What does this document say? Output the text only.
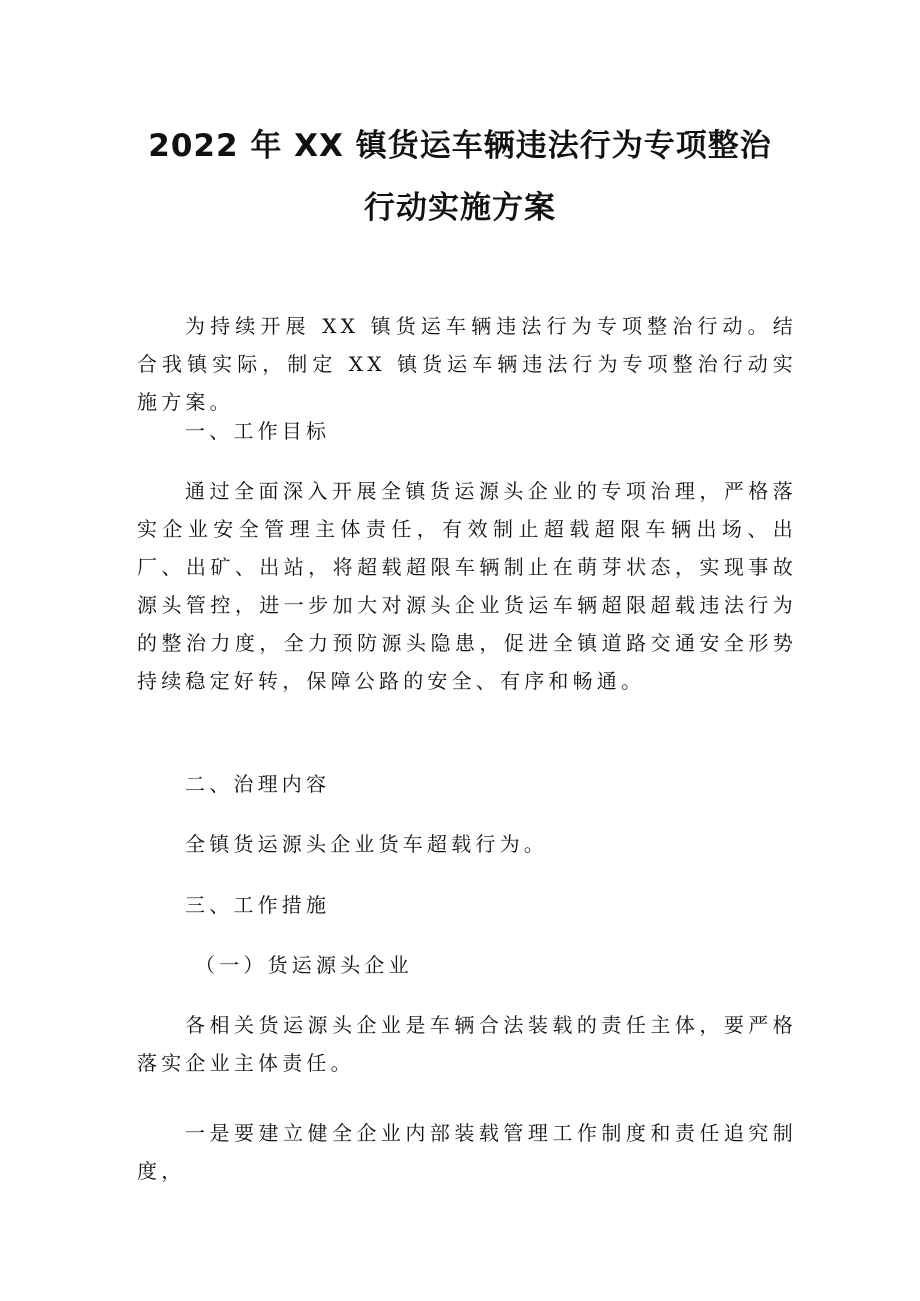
2022 年 XX 镇货运车辆违法行为专项整治
行动实施方案

为持续开展 XX 镇货运车辆违法行为专项整治行动。结合我镇实际，制定 XX 镇货运车辆违法行为专项整治行动实施方案。

一、工作目标

通过全面深入开展全镇货运源头企业的专项治理，严格落实企业安全管理主体责任，有效制止超载超限车辆出场、出厂、出矿、出站，将超载超限车辆制止在萌芽状态，实现事故源头管控，进一步加大对源头企业货运车辆超限超载违法行为的整治力度，全力预防源头隐患，促进全镇道路交通安全形势持续稳定好转，保障公路的安全、有序和畅通。

二、治理内容

全镇货运源头企业货车超载行为。

三、工作措施

（一）货运源头企业

各相关货运源头企业是车辆合法装载的责任主体，要严格落实企业主体责任。

一是要建立健全企业内部装载管理工作制度和责任追究制度，
